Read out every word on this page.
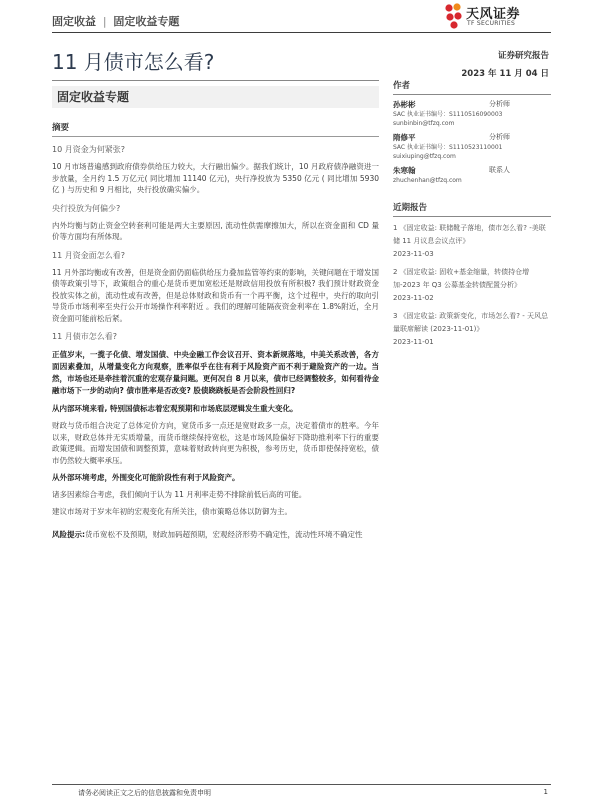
固定收益 | 固定收益专题	天风证券
TF SECURITIES
11 月债市怎么看?	证券研究报告
2023 年 11 月 04 日
固定收益专题
摘要

10 月资金为何紧张?

10 月市场普遍感到政府债券供给压力较大，大行融出偏少。据我们统计，10 月政府债净融资进一步放量，全月约 1.5 万亿元( 同比增加 11140 亿元)，央行净投放为 5350 亿元 ( 同比增加 5930 亿 ) 与历史和 9 月相比，央行投放确实偏少。

央行投放为何偏少?

内外均衡与防止资金空转套利可能是两大主要原因, 流动性供需摩擦加大，所以在资金面和 CD 量价等方面均有所体现。

11 月资金面怎么看?

11 月外部均衡或有改善，但是资金面仍面临供给压力叠加监管等约束的影响，关键问题在于增发国债等政策引导下，政策组合的重心是货币更加宽松还是财政信用投放有所积极? 我们预计财政资金投放实体之前，流动性或有改善，但是总体财政和货币有一个再平衡，这个过程中，央行的取向引导货币市场利率至央行公开市场操作利率附近 。我们的理解可能隔夜资金利率在 1.8%附近，全月资金面可能前松后紧。

11 月债市怎么看?

正值岁末，一揽子化债、增发国债、中央金融工作会议召开、资本新规落地，中美关系改善，各方面因素叠加，从增量变化方向观察，胜率似乎在往有利于风险资产而不利于避险资产的一边。当然，市场也还是牵挂着沉重的宏观存量问题。更何况自 8 月以来，债市已经调整较多，如何看待金融市场下一步的动向? 债市胜率是否改变? 股债跷跷板是否会阶段性回归?

从内部环境来看, 特别国债标志着宏观预期和市场底层逻辑发生重大变化。

财政与货币组合决定了总体定价方向，宽货币多一点还是宽财政多一点，决定着债市的胜率。今年以来，财政总体并无实质增量，而货币继续保持宽松，这是市场风险偏好下降助推利率下行的重要政策逻辑。而增发国债和调整预算，意味着财政转向更为积极，参考历史，货币即使保持宽松，债市仍然较大概率承压。

从外部环境考虑，外围变化可能阶段性有利于风险资产。

诸多因素综合考虑，我们倾向于认为 11 月利率走势不排除前低后高的可能。

建议市场对于岁末年初的宏观变化有所关注，债市策略总体以防御为主。

风险提示:货币宽松不及预期，财政加码超预期，宏观经济形势不确定性，流动性环境不确定性

作者
孙彬彬	分析师
SAC 执业证书编号：S1110516090003
sunbinbin@tfzq.com
隋修平	分析师
SAC 执业证书编号：S1110523110001
suixiuping@tfzq.com
朱寒翰	联系人
zhuchenhan@tfzq.com
近期报告
1 《固定收益: 联储靴子落地，债市怎么看? -美联储 11 月议息会议点评》
2023-11-03
2 《固定收益: 固收+基金缩量，转债持仓增加-2023 年 Q3 公募基金转债配置分析》
2023-11-02
3 《固定收益: 政策新变化，市场怎么看? - 天风总量联席解读 (2023-11-01)》
2023-11-01
请务必阅读正文之后的信息披露和免责申明	1
